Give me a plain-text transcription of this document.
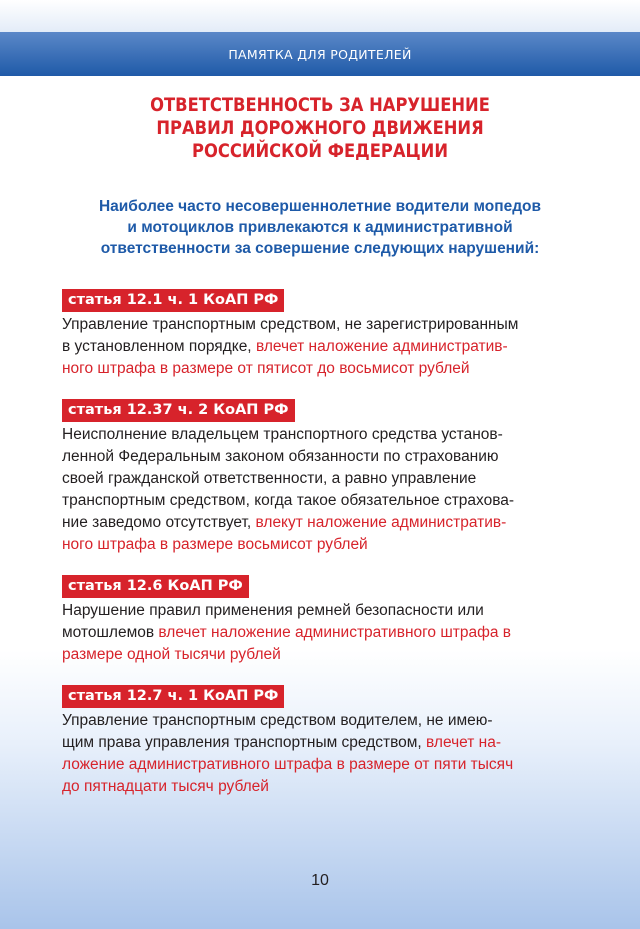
ПАМЯТКА ДЛЯ РОДИТЕЛЕЙ
ОТВЕТСТВЕННОСТЬ ЗА НАРУШЕНИЕ
ПРАВИЛ ДОРОЖНОГО ДВИЖЕНИЯ
РОССИЙСКОЙ ФЕДЕРАЦИИ
Наиболее часто несовершеннолетние водители мопедов
и мотоциклов привлекаются к административной
ответственности за совершение следующих нарушений:
статья 12.1 ч. 1 КоАП РФ
Управление транспортным средством, не зарегистрированным
в установленном порядке, влечет наложение административ-
ного штрафа в размере от пятисот до восьмисот рублей
статья 12.37 ч. 2 КоАП РФ
Неисполнение владельцем транспортного средства установ-
ленной Федеральным законом обязанности по страхованию
своей гражданской ответственности, а равно управление
транспортным средством, когда такое обязательное страхова-
ние заведомо отсутствует, влекут наложение административ-
ного штрафа в размере восьмисот рублей
статья 12.6 КоАП РФ
Нарушение правил применения ремней безопасности или
мотошлемов влечет наложение административного штрафа в
размере одной тысячи рублей
статья 12.7 ч. 1 КоАП РФ
Управление транспортным средством водителем, не имею-
щим права управления транспортным средством, влечет на-
ложение административного штрафа в размере от пяти тысяч
до пятнадцати тысяч рублей
10
